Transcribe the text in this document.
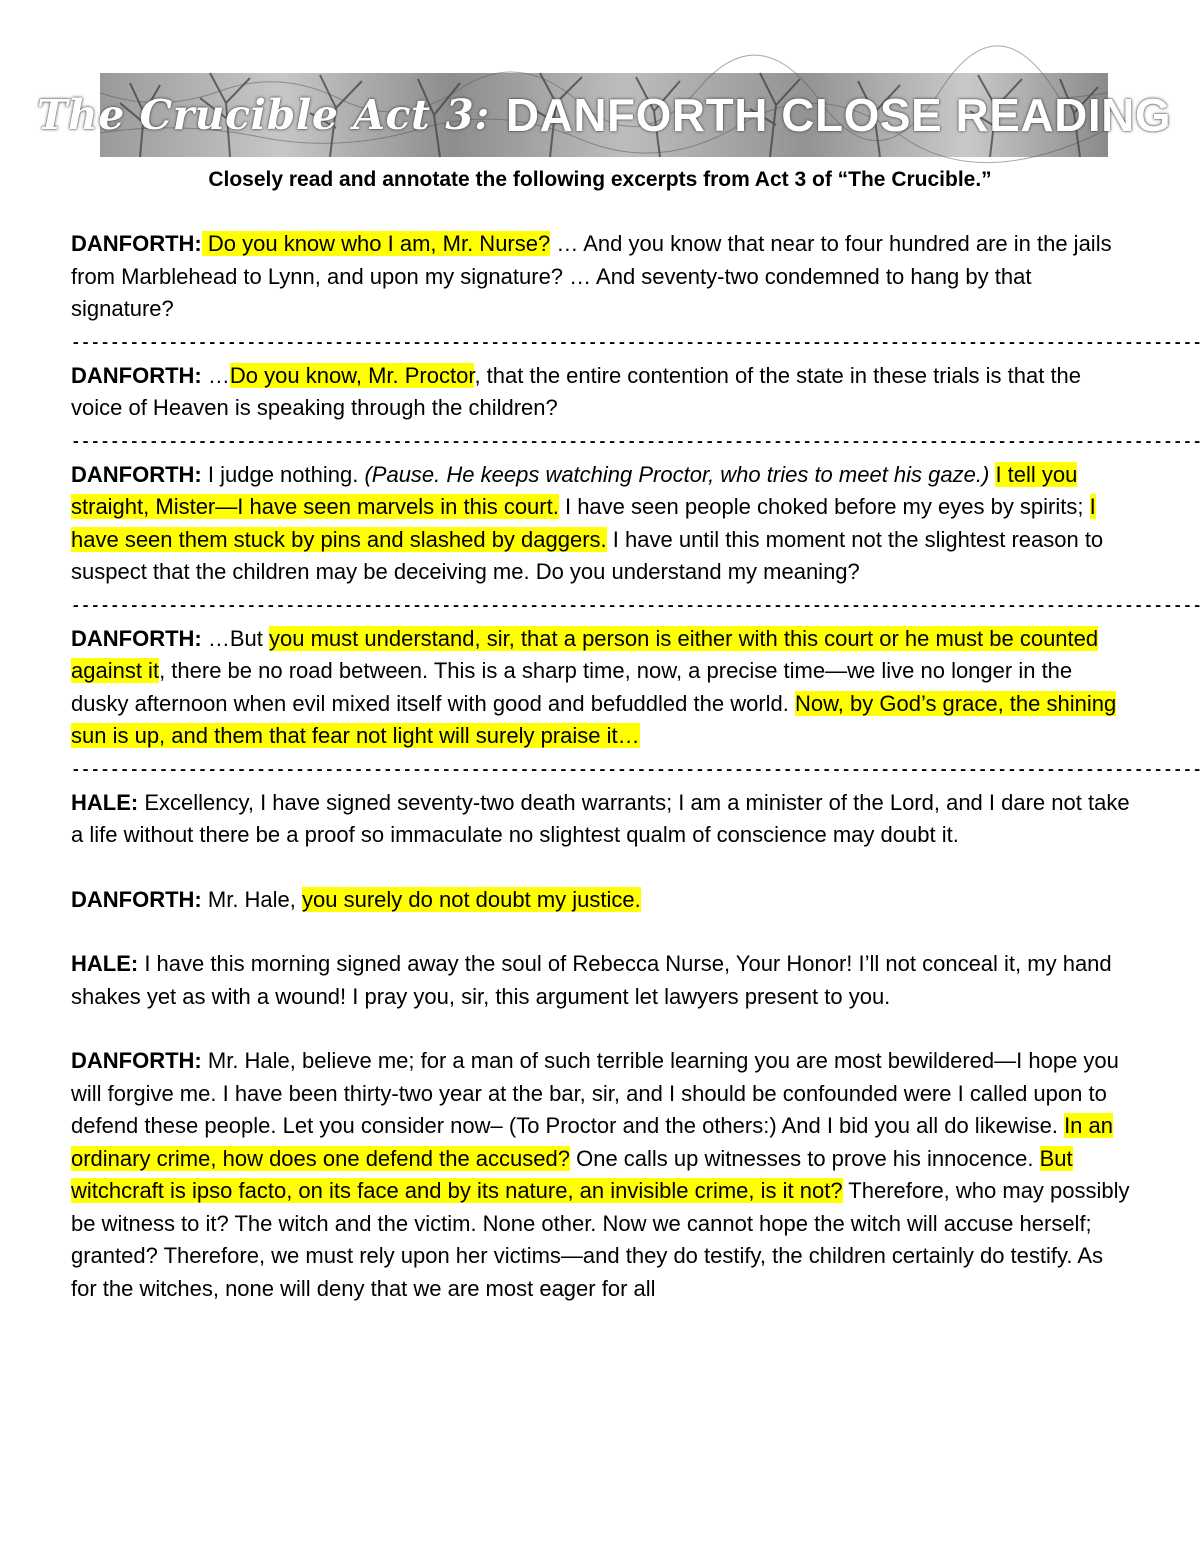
The Crucible Act 3: DANFORTH CLOSE READING
Closely read and annotate the following excerpts from Act 3 of “The Crucible.”

DANFORTH: Do you know who I am, Mr. Nurse? … And you know that near to four hundred are in the jails from Marblehead to Lynn, and upon my signature? … And seventy-two condemned to hang by that signature?

--------------------------------------------------------------------------------------------------------------------

DANFORTH: …Do you know, Mr. Proctor, that the entire contention of the state in these trials is that the voice of Heaven is speaking through the children?

--------------------------------------------------------------------------------------------------------------------

DANFORTH: I judge nothing. (Pause. He keeps watching Proctor, who tries to meet his gaze.) I tell you straight, Mister—I have seen marvels in this court. I have seen people choked before my eyes by spirits; I have seen them stuck by pins and slashed by daggers. I have until this moment not the slightest reason to suspect that the children may be deceiving me. Do you understand my meaning?

--------------------------------------------------------------------------------------------------------------------

DANFORTH: …But you must understand, sir, that a person is either with this court or he must be counted against it, there be no road between. This is a sharp time, now, a precise time—we live no longer in the dusky afternoon when evil mixed itself with good and befuddled the world. Now, by God’s grace, the shining sun is up, and them that fear not light will surely praise it…

--------------------------------------------------------------------------------------------------------------------

HALE: Excellency, I have signed seventy-two death warrants; I am a minister of the Lord, and I dare not take a life without there be a proof so immaculate no slightest qualm of conscience may doubt it.

DANFORTH: Mr. Hale, you surely do not doubt my justice.

HALE: I have this morning signed away the soul of Rebecca Nurse, Your Honor! I’ll not conceal it, my hand shakes yet as with a wound! I pray you, sir, this argument let lawyers present to you.

DANFORTH: Mr. Hale, believe me; for a man of such terrible learning you are most bewildered—I hope you will forgive me. I have been thirty-two year at the bar, sir, and I should be confounded were I called upon to defend these people. Let you consider now– (To Proctor and the others:) And I bid you all do likewise. In an ordinary crime, how does one defend the accused? One calls up witnesses to prove his innocence. But witchcraft is ipso facto, on its face and by its nature, an invisible crime, is it not? Therefore, who may possibly be witness to it? The witch and the victim. None other. Now we cannot hope the witch will accuse herself; granted? Therefore, we must rely upon her victims—and they do testify, the children certainly do testify. As for the witches, none will deny that we are most eager for all
